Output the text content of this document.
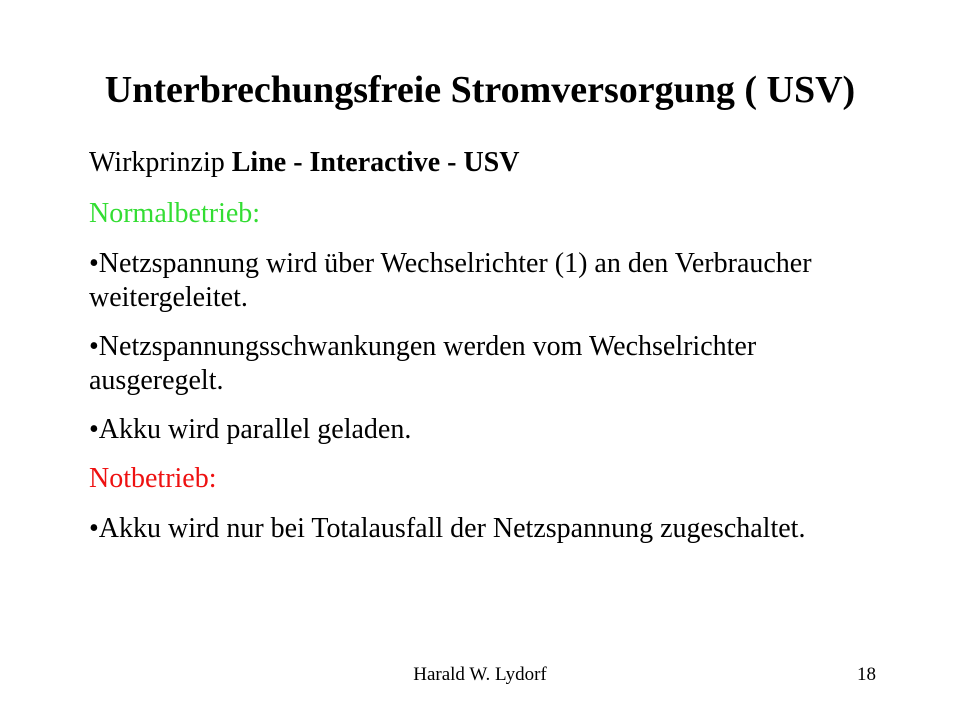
Unterbrechungsfreie Stromversorgung ( USV)

Wirkprinzip Line - Interactive - USV

Normalbetrieb:

•Netzspannung wird über Wechselrichter (1) an den Verbraucher weitergeleitet.

•Netzspannungsschwankungen werden vom Wechselrichter ausgeregelt.

•Akku wird parallel geladen.

Notbetrieb:

•Akku wird nur bei Totalausfall der Netzspannung zugeschaltet.

Harald W. Lydorf	18
